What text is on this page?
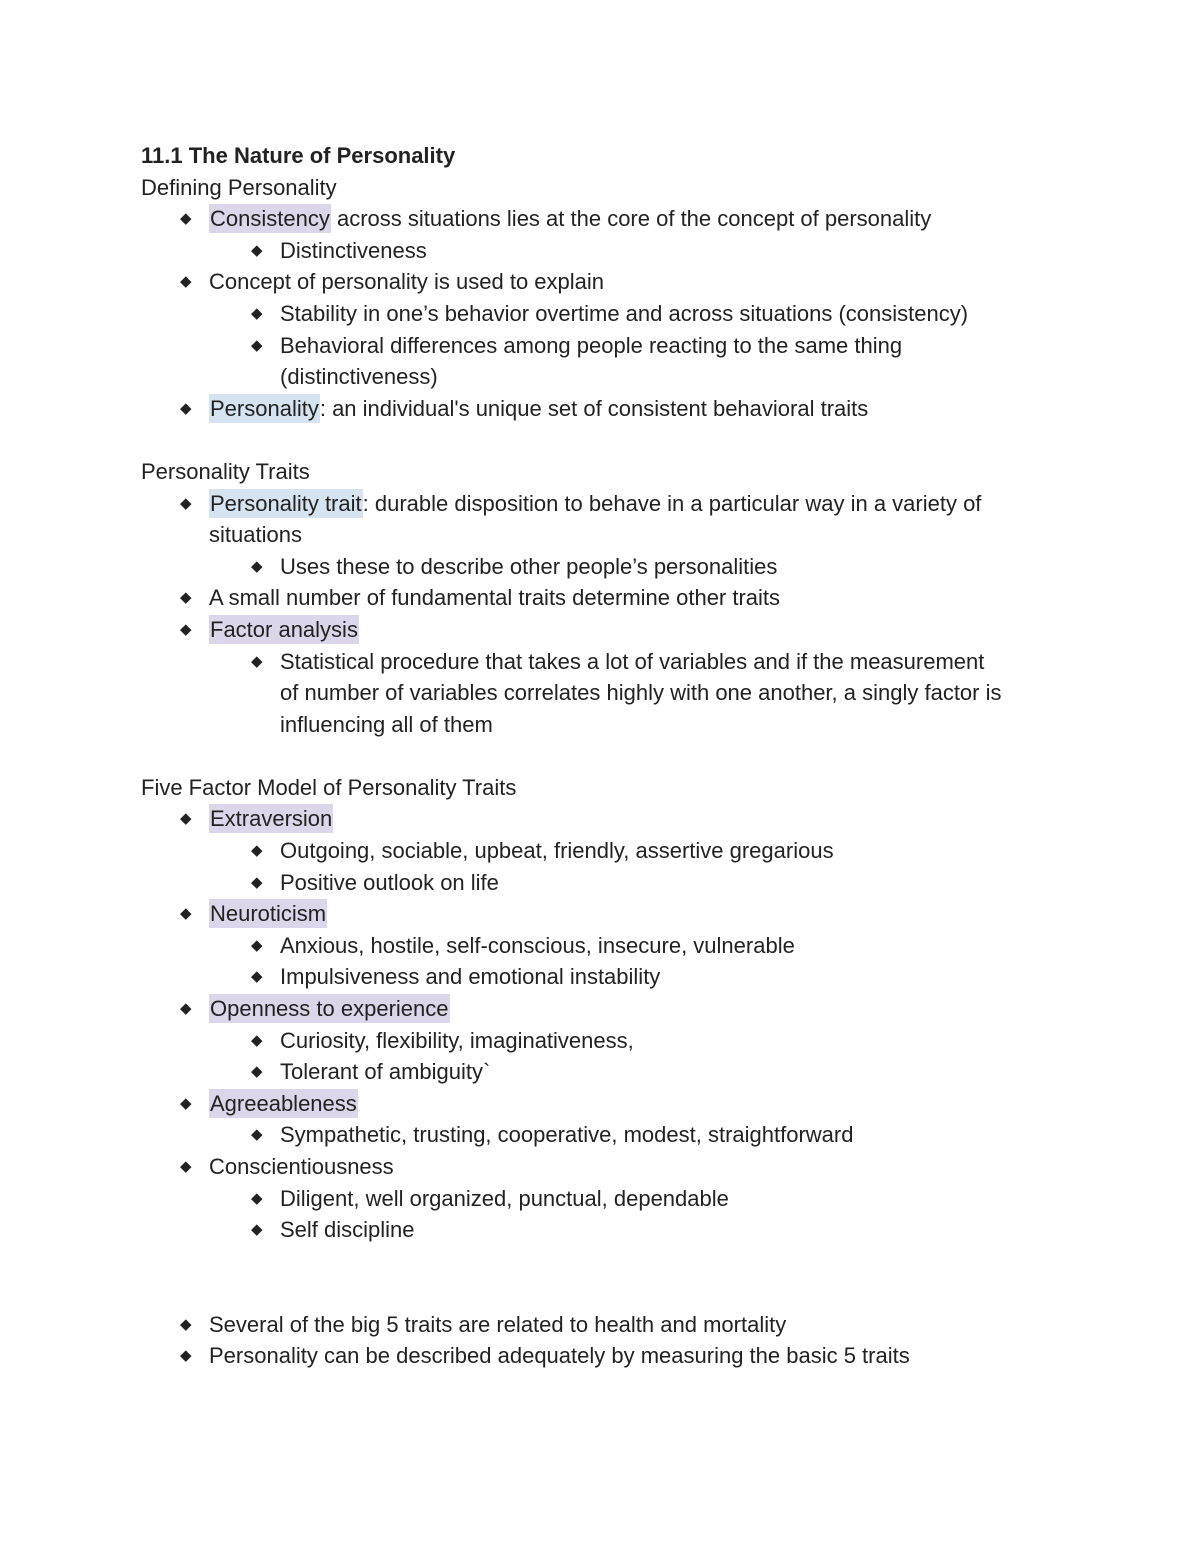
11.1 The Nature of Personality
Defining Personality
◆ Consistency across situations lies at the core of the concept of personality
◆ Distinctiveness
◆ Concept of personality is used to explain
◆ Stability in one’s behavior overtime and across situations (consistency)
◆ Behavioral differences among people reacting to the same thing
(distinctiveness)
◆ Personality: an individual's unique set of consistent behavioral traits
Personality Traits
◆ Personality trait: durable disposition to behave in a particular way in a variety of
situations
◆ Uses these to describe other people’s personalities
◆ A small number of fundamental traits determine other traits
◆ Factor analysis
◆ Statistical procedure that takes a lot of variables and if the measurement
of number of variables correlates highly with one another, a singly factor is
influencing all of them
Five Factor Model of Personality Traits
◆ Extraversion
◆ Outgoing, sociable, upbeat, friendly, assertive gregarious
◆ Positive outlook on life
◆ Neuroticism
◆ Anxious, hostile, self-conscious, insecure, vulnerable
◆ Impulsiveness and emotional instability
◆ Openness to experience
◆ Curiosity, flexibility, imaginativeness,
◆ Tolerant of ambiguity`
◆ Agreeableness
◆ Sympathetic, trusting, cooperative, modest, straightforward
◆ Conscientiousness
◆ Diligent, well organized, punctual, dependable
◆ Self discipline
◆ Several of the big 5 traits are related to health and mortality
◆ Personality can be described adequately by measuring the basic 5 traits
